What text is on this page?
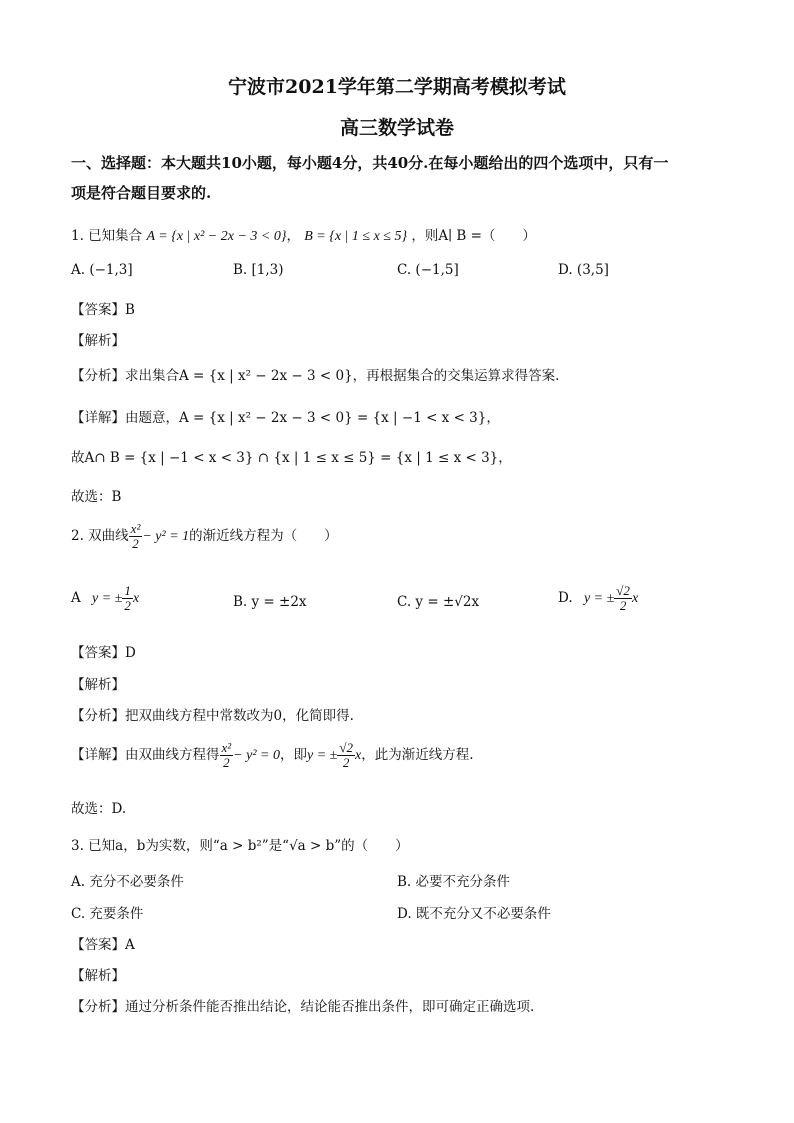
宁波市2021学年第二学期高考模拟考试
高三数学试卷
一、选择题：本大题共10小题，每小题4分，共40分.在每小题给出的四个选项中，只有一
项是符合题目要求的.
1. 已知集合 A = {x | x² − 2x − 3 < 0}， B = {x | 1 ≤ x ≤ 5} ，则A∣ B =（　　）
A. (−1,3]	B. [1,3)	C. (−1,5]	D. (3,5]
【答案】B
【解析】
【分析】求出集合A = {x | x² − 2x − 3 < 0}，再根据集合的交集运算求得答案.
【详解】由题意，A = {x | x² − 2x − 3 < 0} = {x | −1 < x < 3}，
故A∩ B = {x | −1 < x < 3} ∩ {x | 1 ≤ x ≤ 5} = {x | 1 ≤ x < 3}，
故选：B
2. 双曲线 $\frac{\text{x²}}{2} - y^2 = 1$的渐近线方程为（　　）
A   y = ± $\frac{1}{2}$ x	B. y = ±2x	C. y = ±√2x	D.   y = ± $\frac{√2}{2}$ x
【答案】D
【解析】
【分析】把双曲线方程中常数改为0，化简即得.
【详解】由双曲线方程得 $\frac{\text{x²}}{2} - y^2 = 0$，即y = ± $\frac{√2}{2}$ x，此为渐近线方程.
故选：D.
3. 已知a，b为实数，则“a > b²”是“√a > b”的（　　）
A. 充分不必要条件	B. 必要不充分条件
C. 充要条件	D. 既不充分又不必要条件
【答案】A
【解析】
【分析】通过分析条件能否推出结论，结论能否推出条件，即可确定正确选项.
